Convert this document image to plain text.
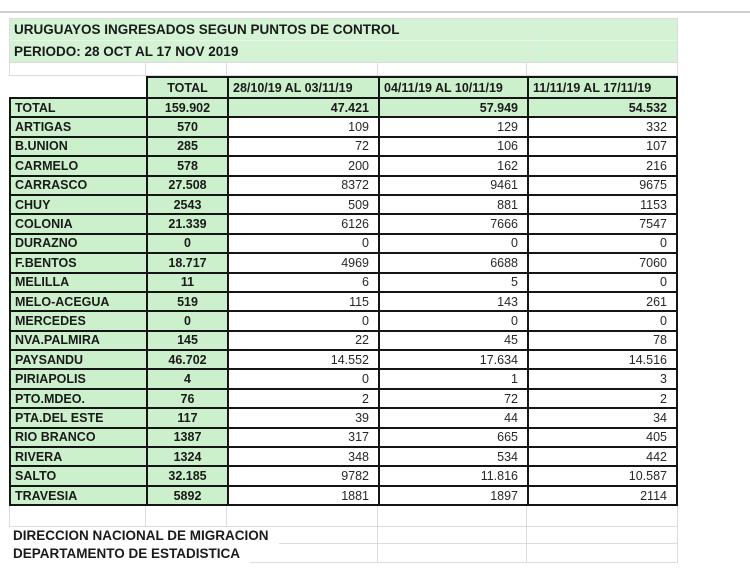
URUGUAYOS INGRESADOS SEGUN PUNTOS DE CONTROL
PERIODO: 28 OCT AL 17 NOV 2019
	TOTAL	28/10/19 AL 03/11/19	04/11/19 AL 10/11/19	11/11/19 AL 17/11/19
TOTAL	159.902	47.421	57.949	54.532
ARTIGAS	570	109	129	332
B.UNION	285	72	106	107
CARMELO	578	200	162	216
CARRASCO	27.508	8372	9461	9675
CHUY	2543	509	881	1153
COLONIA	21.339	6126	7666	7547
DURAZNO	0	0	0	0
F.BENTOS	18.717	4969	6688	7060
MELILLA	11	6	5	0
MELO-ACEGUA	519	115	143	261
MERCEDES	0	0	0	0
NVA.PALMIRA	145	22	45	78
PAYSANDU	46.702	14.552	17.634	14.516
PIRIAPOLIS	4	0	1	3
PTO.MDEO.	76	2	72	2
PTA.DEL ESTE	117	39	44	34
RIO BRANCO	1387	317	665	405
RIVERA	1324	348	534	442
SALTO	32.185	9782	11.816	10.587
TRAVESIA	5892	1881	1897	2114
DIRECCION NACIONAL DE MIGRACION
DEPARTAMENTO DE ESTADISTICA
